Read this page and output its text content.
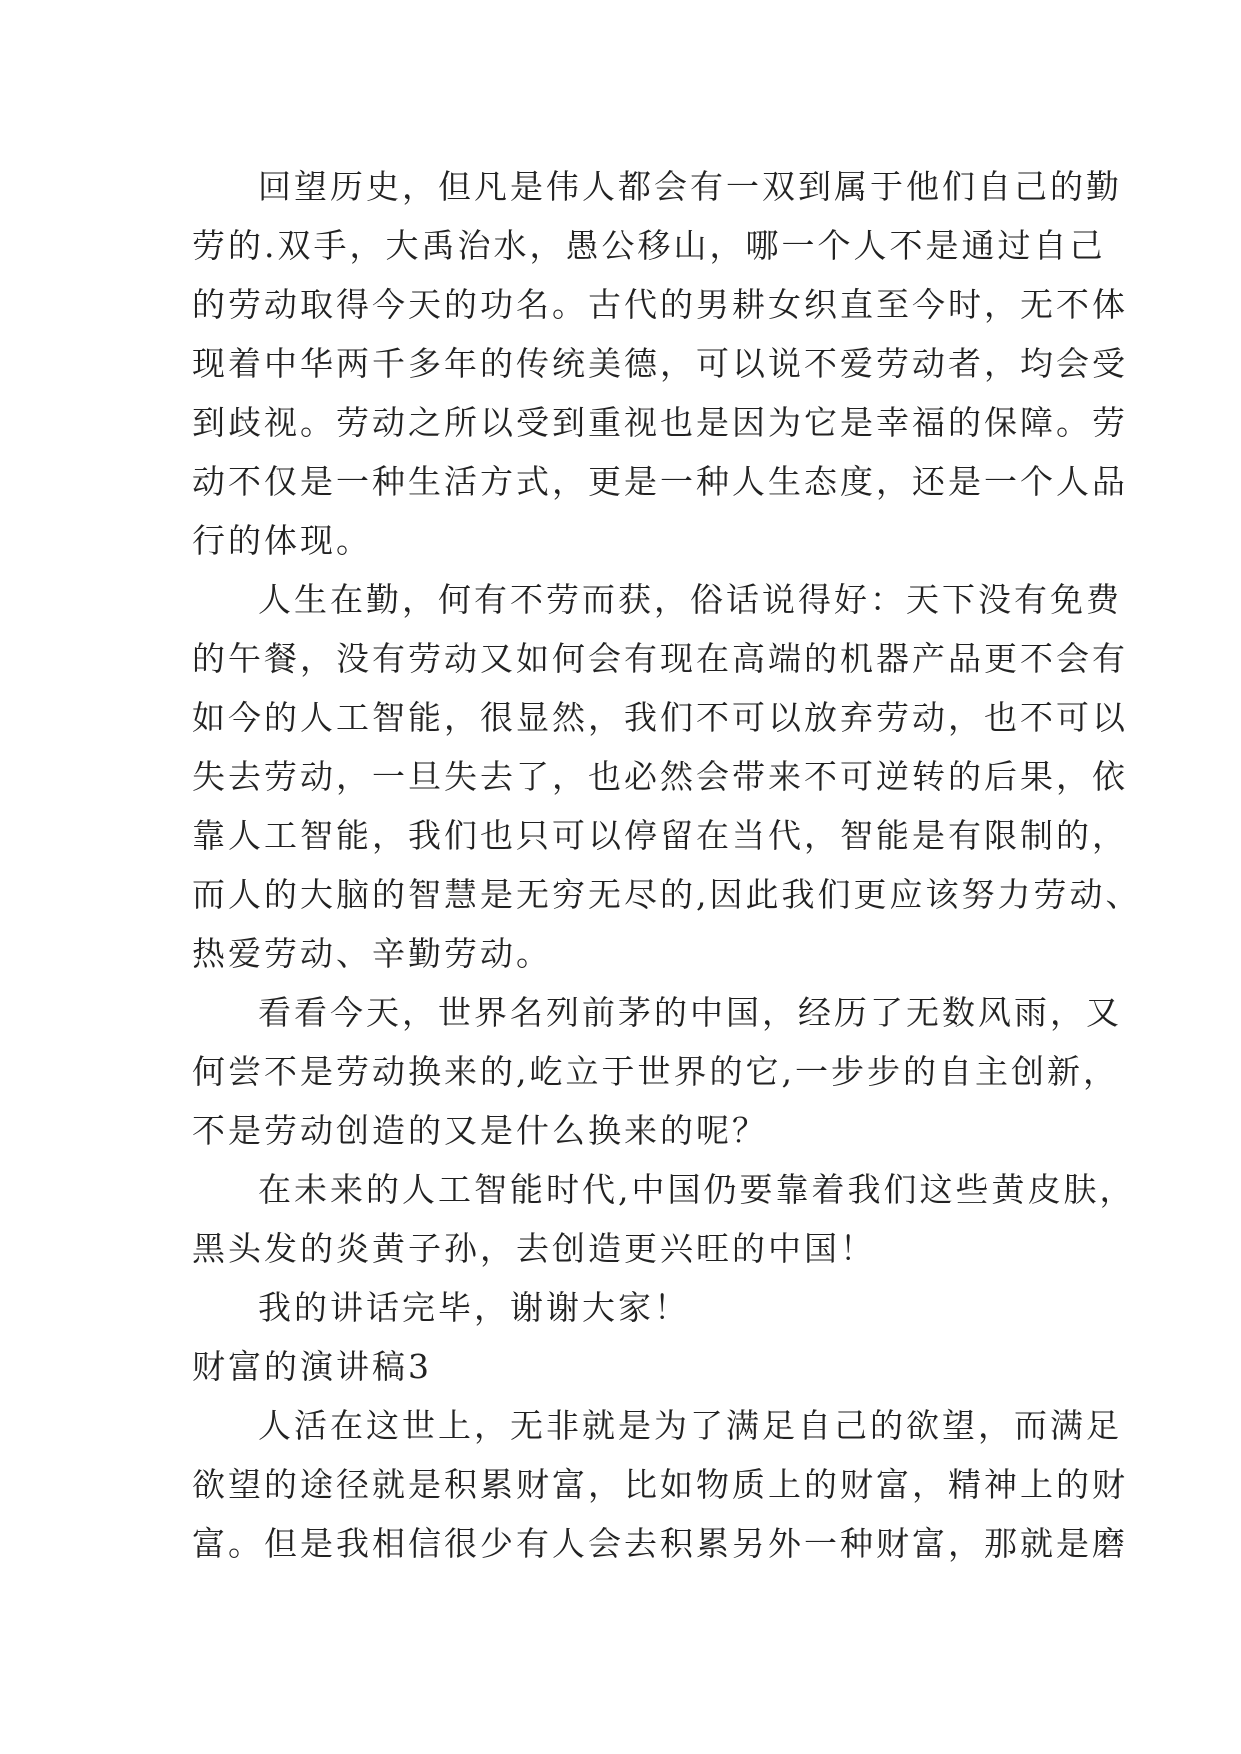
回望历史，但凡是伟人都会有一双到属于他们自己的勤
劳的.双手，大禹治水，愚公移山，哪一个人不是通过自己
的劳动取得今天的功名。古代的男耕女织直至今时，无不体
现着中华两千多年的传统美德，可以说不爱劳动者，均会受
到歧视。劳动之所以受到重视也是因为它是幸福的保障。劳
动不仅是一种生活方式，更是一种人生态度，还是一个人品
行的体现。
人生在勤，何有不劳而获，俗话说得好：天下没有免费
的午餐，没有劳动又如何会有现在高端的机器产品更不会有
如今的人工智能，很显然，我们不可以放弃劳动，也不可以
失去劳动，一旦失去了，也必然会带来不可逆转的后果，依
靠人工智能，我们也只可以停留在当代，智能是有限制的，
而人的大脑的智慧是无穷无尽的,因此我们更应该努力劳动、
热爱劳动、辛勤劳动。
看看今天，世界名列前茅的中国，经历了无数风雨，又
何尝不是劳动换来的,屹立于世界的它,一步步的自主创新，
不是劳动创造的又是什么换来的呢？
在未来的人工智能时代,中国仍要靠着我们这些黄皮肤，
黑头发的炎黄子孙，去创造更兴旺的中国！
我的讲话完毕，谢谢大家！
财富的演讲稿3
人活在这世上，无非就是为了满足自己的欲望，而满足
欲望的途径就是积累财富，比如物质上的财富，精神上的财
富。但是我相信很少有人会去积累另外一种财富，那就是磨
